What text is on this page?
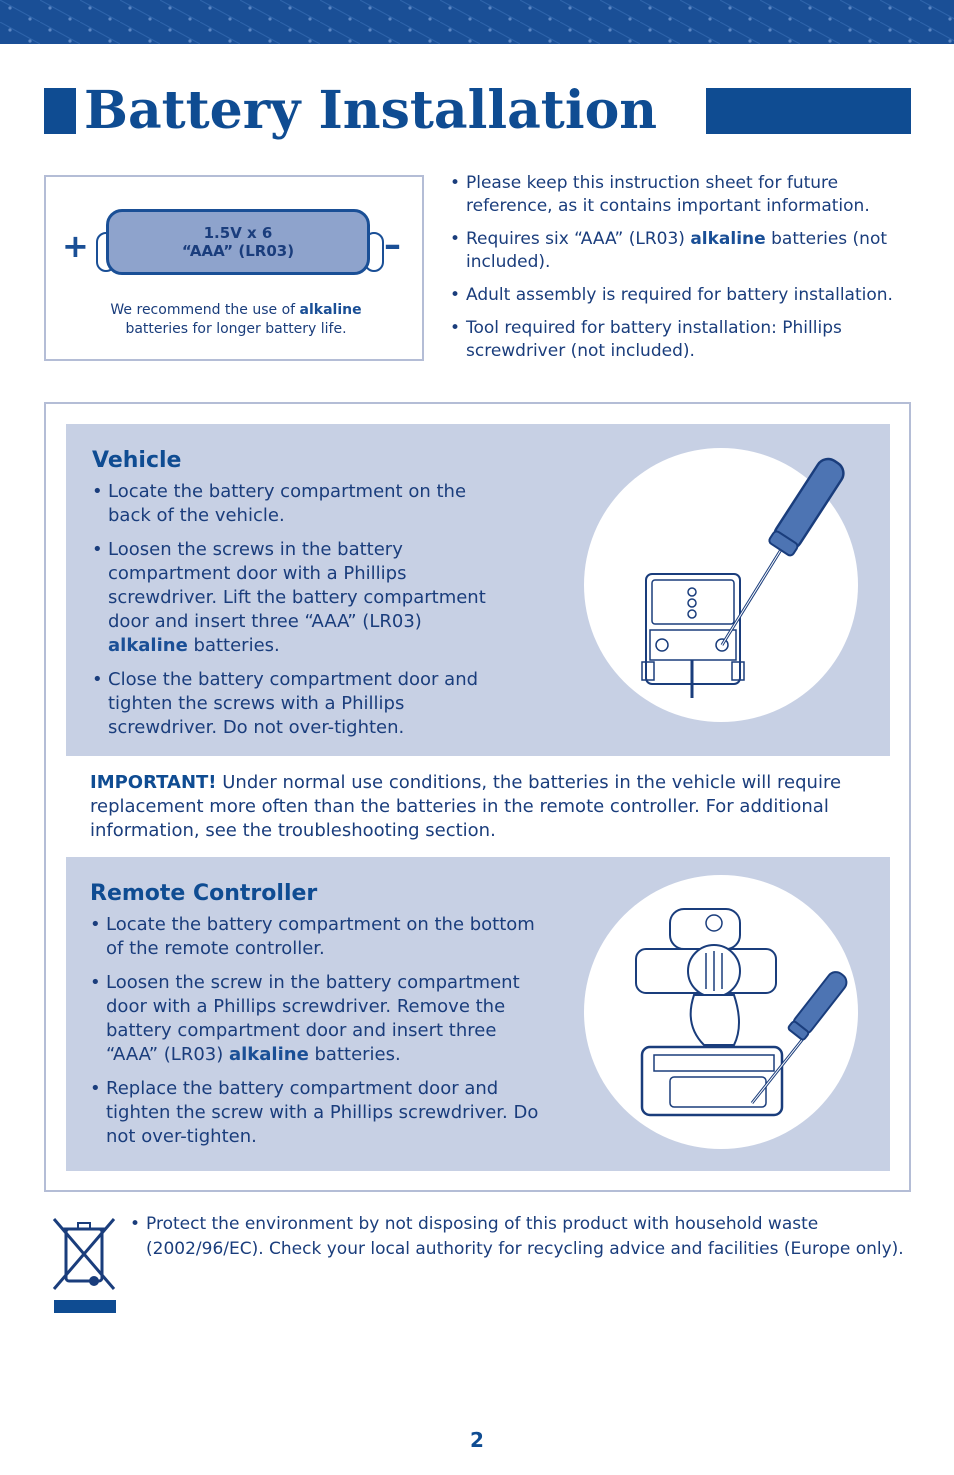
Battery Installation
+	1.5V x 6
“AAA” (LR03)	–
We recommend the use of alkaline
batteries for longer battery life.
• Please keep this instruction sheet for future reference, as it contains important information.
• Requires six “AAA” (LR03) alkaline batteries (not included).
• Adult assembly is required for battery installation.
• Tool required for battery installation: Phillips screwdriver (not included).
Vehicle
• Locate the battery compartment on the back of the vehicle.
• Loosen the screws in the battery compartment door with a Phillips screwdriver. Lift the battery compartment door and insert three “AAA” (LR03) alkaline batteries.
• Close the battery compartment door and tighten the screws with a Phillips screwdriver. Do not over-tighten.
IMPORTANT! Under normal use conditions, the batteries in the vehicle will require replacement more often than the batteries in the remote controller. For additional information, see the troubleshooting section.
Remote Controller
• Locate the battery compartment on the bottom of the remote controller.
• Loosen the screw in the battery compartment door with a Phillips screwdriver. Remove the battery compartment door and insert three “AAA” (LR03) alkaline batteries.
• Replace the battery compartment door and tighten the screw with a Phillips screwdriver. Do not over-tighten.
• Protect the environment by not disposing of this product with household waste (2002/96/EC). Check your local authority for recycling advice and facilities (Europe only).
2
